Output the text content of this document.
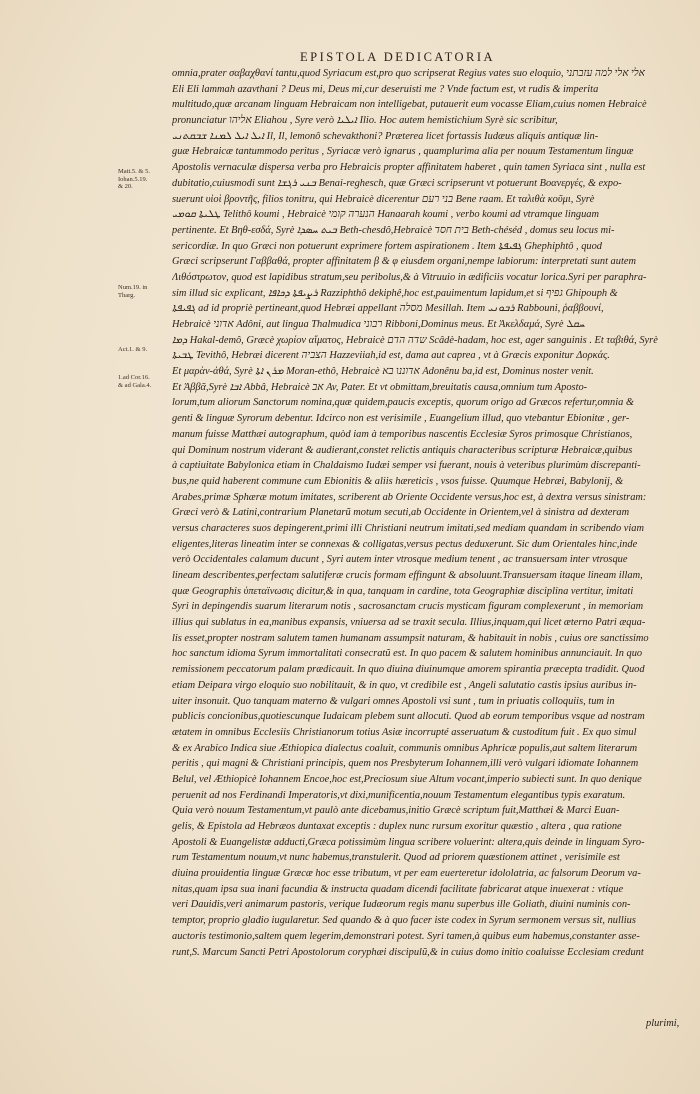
EPISTOLA DEDICATORIA
Matt.5. & 5.
Iohan.5.19.
& 20.
Num.19. in
Tharg.
Act.1. & 9.
1.ad Cor.16.
& ad Gala.4.
omnia,prater σαβαχθανί tantu,quod Syriacum est,pro quo scripserat Regius vates suo eloquio, אלי אלי למה עזבתני
Eli Eli lammah azavthani ? Deus mi, Deus mi,cur deseruisti me ? Vnde factum est, vt rudis & imperita
multitudo,quæ arcanam linguam Hebraicam non intelligebat, putauerit eum vocasse Eliam,cuius nomen Hebraicè
pronunciatur אליהו Eliahou , Syre verò ܐܝܠܝܐ Ilio. Hoc autem hemistichium Syrè sic scribitur,
ܐܝܠ ܐܝܠ ܠܡܢܐ ܫܒܩܬܢܝ Il, Il, lemonô schevakthoni? Præterea licet fortassis Iudæus aliquis antiquæ lin-
guæ Hebraicæ tantummodo peritus , Syriacæ verò ignarus , quamplurima alia per nouum Testamentum linguæ
Apostolis vernaculæ dispersa verba pro Hebraicis propter affinitatem haberet , quin tamen Syriaca sint , nulla est
dubitatio,cuiusmodi sunt ܒܢܝ ܪܓܫܐ Benai-reghesch, quæ Græci scripserunt vt potuerunt Βοανεργές, & expo-
suerunt υἱοὶ βροντῆς, filios tonitru, qui Hebraicè dicerentur בני רעם Bene raam. Et ταλιθὰ κοῦμι, Syrè
ܛܠܝܬܐ ܩܘܡܝ Telithô koumi , Hebraicè הנערה קומי Hanaarah koumi , verbo koumi ad vtramque linguam
pertinente. Et Βηθ-εσδά, Syrè ܒܝܬ ܚܣܕܐ Beth-chesdô,Hebraicè בית חסד Beth-chéséd , domus seu locus mi-
sericordiæ. In quo Græci non potuerunt exprimere fortem aspirationem . Item ܓܦܝܦܬܐ Ghephiphtô , quod
Græci scripserunt Γαββαθά, propter affinitatem β & φ eiusdem organi,nempe labiorum: interpretati sunt autem
Λιθόστρωτον, quod est lapidibus stratum,seu peribolus,& à Vitruuio in ædificiis vocatur lorica.Syri per paraphra-
sim illud sic explicant, ܪܨܝܦܬܐ ܕܟܐܦܐ Razziphthô dekiphê,hoc est,pauimentum lapidum,et si גפיף Ghipouph &
ܓܦܝܦܬܐ ad id propriè pertineant,quod Hebræi appellant מסלה Mesillah. Item ܪܒܘܢܝ Rabbouni, ῥαββουνί,
Hebraicè אדוני Adôni, aut lingua Thalmudica רבוני Ribboni,Dominus meus. Et Ἀκελδαμά, Syrè ܚܩܠ
ܕܡܐ Hakal-demô, Græcè χωρίον αἵματος, Hebraicè שדה הדם Scâdè-hadam, hoc est, ager sanguinis . Et ταβιθά, Syrè
ܛܒܝܬܐ Tevithô, Hebræi dicerent הצביה Hazzeviiah,id est, dama aut caprea , vt à Græcis exponitur Δορκάς.
Et μαρὰν-ἀθά, Syrè ܡܪܢ ܐܬܐ Moran-ethô, Hebraicè אדוננו בא Adonênu ba,id est, Dominus noster venit.
Et Ἀββᾶ,Syrè ܐܒܐ Abbâ, Hebraicè אב Av, Pater. Et vt obmittam,breuitatis causa,omnium tum Aposto-
lorum,tum aliorum Sanctorum nomina,quæ quidem,paucis exceptis, quorum origo ad Græcos refertur,omnia &
genti & linguæ Syrorum debentur. Idcirco non est verisimile , Euangelium illud, quo vtebantur Ebionitæ , ger-
manum fuisse Matthæi autographum, quòd iam à temporibus nascentis Ecclesiæ Syros primosque Christianos,
qui Dominum nostrum viderant & audierant,constet relictis antiquis characteribus scripturæ Hebraicæ,quibus
à captiuitate Babylonica etiam in Chaldaismo Iudæi semper vsi fuerant, nouis à veteribus plurimùm discrepanti-
bus,ne quid haberent commune cum Ebionitis & aliis hæreticis , vsos fuisse. Quumque Hebræi, Babylonij, &
Arabes,primæ Sphæræ motum imitates, scriberent ab Oriente Occidente versus,hoc est, à dextra versus sinistram:
Græci verò & Latini,contrarium Planetarũ motum secuti,ab Occidente in Orientem,vel à sinistra ad dexteram
versus characteres suos depingerent,primi illi Christiani neutrum imitati,sed mediam quandam in scribendo viam
eligentes,literas lineatim inter se connexas & colligatas,versus pectus deduxerunt. Sic dum Orientales hinc,inde
verò Occidentales calamum ducunt , Syri autem inter vtrosque medium tenent , ac transuersam inter vtrosque
lineam describentes,perfectam salutiferæ crucis formam effingunt & absoluunt.Transuersam itaque lineam illam,
quæ Geographis ὑπεταϊνωσις dicitur,& in qua, tanquam in cardine, tota Geographiæ disciplina vertitur, imitati
Syri in depingendis suarum literarum notis , sacrosanctam crucis mysticam figuram complexerunt , in memoriam
illius qui sublatus in ea,manibus expansis, vniuersa ad se traxit secula. Illius,inquam,qui licet æterno Patri æqua-
lis esset,propter nostram salutem tamen humanam assumpsit naturam, & habitauit in nobis , cuius ore sanctissimo
hoc sanctum idioma Syrum immortalitati consecratũ est. In quo pacem & salutem hominibus annunciauit. In quo
remissionem peccatorum palam prædicauit. In quo diuina diuinumque amorem spirantia præcepta tradidit. Quod
etiam Deipara virgo eloquio suo nobilitauit, & in quo, vt credibile est , Angeli salutatio castis ipsius auribus in-
uiter insonuit. Quo tanquam materno & vulgari omnes Apostoli vsi sunt , tum in priuatis colloquiis, tum in
publicis concionibus,quotiescunque Iudaicam plebem sunt allocuti. Quod ab eorum temporibus vsque ad nostram
ætatem in omnibus Ecclesiis Christianorum totius Asiæ incorrupté asseruatum & custoditum fuit . Ex quo simul
& ex Arabico Indica siue Æthiopica dialectus coaluit, communis omnibus Aphricæ populis,aut saltem literarum
peritis , qui magni & Christiani principis, quem nos Presbyterum Iohannem,illi verò vulgari idiomate Iohannem
Belul, vel Æthiopicè Iohannem Encoe,hoc est,Preciosum siue Altum vocant,imperio subiecti sunt. In quo denique
peruenit ad nos Ferdinandi Imperatoris,vt dixi,munificentia,nouum Testamentum elegantibus typis exaratum.
Quia verò nouum Testamentum,vt paulò ante dicebamus,initio Græcè scriptum fuit,Matthæi & Marci Euan-
gelis, & Epistola ad Hebræos duntaxat exceptis : duplex nunc rursum exoritur quæstio , altera , qua ratione
Apostoli & Euangelistæ adducti,Græca potissimùm lingua scribere voluerint: altera,quis deinde in linguam Syro-
rum Testamentum nouum,vt nunc habemus,transtulerit. Quod ad priorem quæstionem attinet , verisimile est
diuina prouidentia linguæ Græcæ hoc esse tributum, vt per eam euerteretur idololatria, ac falsorum Deorum va-
nitas,quam ipsa sua inani facundia & instructa quadam dicendi facilitate fabricarat atque inuexerat : vtique
veri Dauidis,veri animarum pastoris, verique Iudæorum regis manu superbus ille Goliath, diuini numinis con-
temptor, proprio gladio iugularetur. Sed quando & à quo facer iste codex in Syrum sermonem versus sit, nullius
auctoris testimonio,saltem quem legerim,demonstrari potest. Syri tamen,à quibus eum habemus,constanter asse-
runt,S. Marcum Sancti Petri Apostolorum coryphæi discipulũ,& in cuius domo initio coaluisse Ecclesiam credunt
plurimi,
